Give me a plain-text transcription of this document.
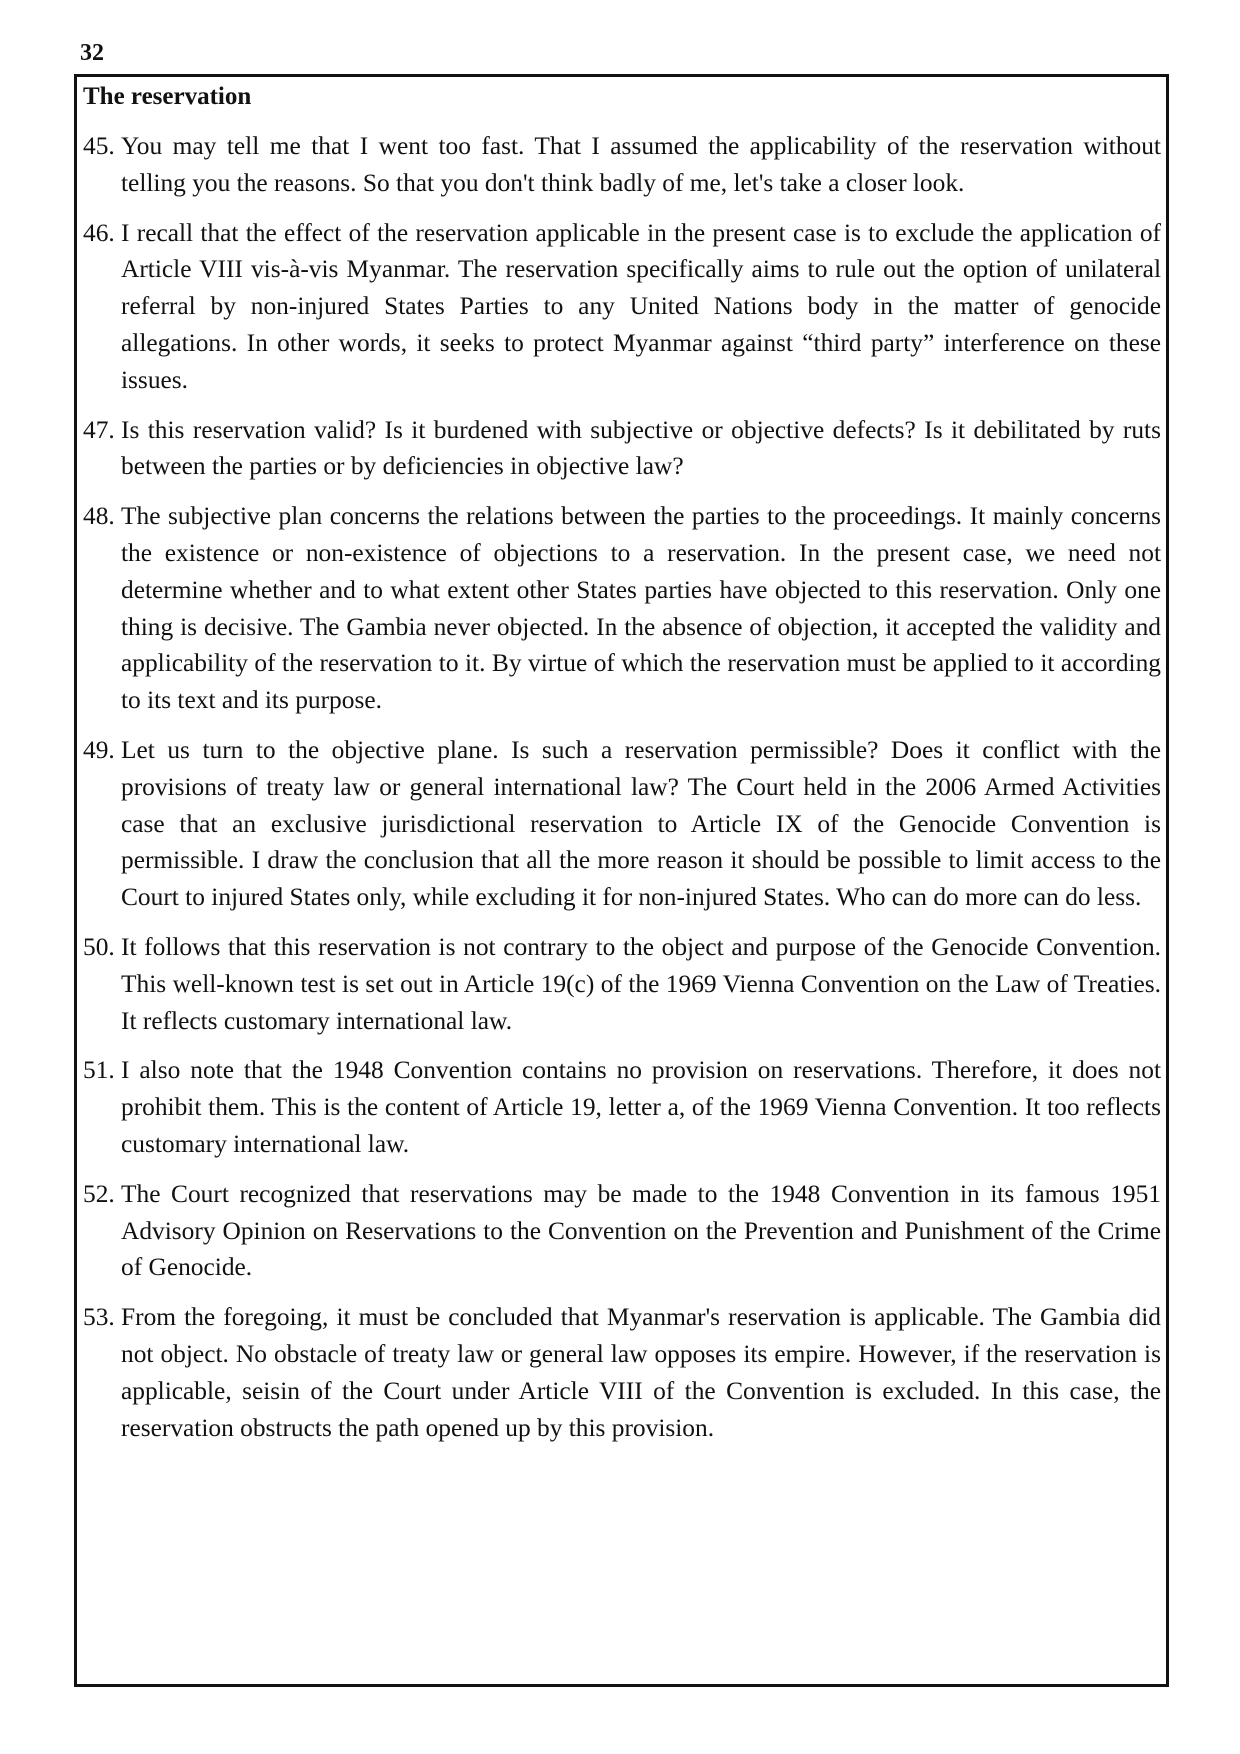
32
The reservation
45. You may tell me that I went too fast. That I assumed the applicability of the reservation without telling you the reasons. So that you don't think badly of me, let's take a closer look.
46. I recall that the effect of the reservation applicable in the present case is to exclude the application of Article VIII vis-à-vis Myanmar. The reservation specifically aims to rule out the option of unilateral referral by non-injured States Parties to any United Nations body in the matter of genocide allegations. In other words, it seeks to protect Myanmar against “third party” interference on these issues.
47. Is this reservation valid? Is it burdened with subjective or objective defects? Is it debilitated by ruts between the parties or by deficiencies in objective law?
48. The subjective plan concerns the relations between the parties to the proceedings. It mainly concerns the existence or non-existence of objections to a reservation. In the present case, we need not determine whether and to what extent other States parties have objected to this reservation. Only one thing is decisive. The Gambia never objected. In the absence of objection, it accepted the validity and applicability of the reservation to it. By virtue of which the reservation must be applied to it according to its text and its purpose.
49. Let us turn to the objective plane. Is such a reservation permissible? Does it conflict with the provisions of treaty law or general international law? The Court held in the 2006 Armed Activities case that an exclusive jurisdictional reservation to Article IX of the Genocide Convention is permissible. I draw the conclusion that all the more reason it should be possible to limit access to the Court to injured States only, while excluding it for non-injured States. Who can do more can do less.
50. It follows that this reservation is not contrary to the object and purpose of the Genocide Convention. This well-known test is set out in Article 19(c) of the 1969 Vienna Convention on the Law of Treaties. It reflects customary international law.
51. I also note that the 1948 Convention contains no provision on reservations. Therefore, it does not prohibit them. This is the content of Article 19, letter a, of the 1969 Vienna Convention. It too reflects customary international law.
52. The Court recognized that reservations may be made to the 1948 Convention in its famous 1951 Advisory Opinion on Reservations to the Convention on the Prevention and Punishment of the Crime of Genocide.
53. From the foregoing, it must be concluded that Myanmar's reservation is applicable. The Gambia did not object. No obstacle of treaty law or general law opposes its empire. However, if the reservation is applicable, seisin of the Court under Article VIII of the Convention is excluded. In this case, the reservation obstructs the path opened up by this provision.
